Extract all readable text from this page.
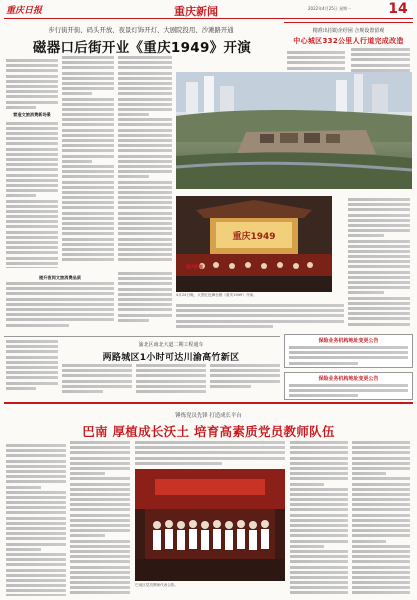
重庆日报	重庆新闻	2022年4月25日 星期一	14
步行街开街、码头开放、夜景灯饰开灯、大剧院投用、沙滩路开通
磁器口后街开业《重庆1949》开演
精准出招助企纾困 合规设置留观
中心城区332公里人行道完成改造
营造文旅消费新场景
重庆1949
4月24日晚，大型红色舞台剧《重庆1949》开演。
重庆新闻
提升夜间文旅消费品质
保险业务机构地址变更公告
保险业务机构地址变更公告
渝北区南北大道二期工程通车
两路城区1小时可达川渝高竹新区
锤炼党员先锋 打造成长平台
巴南 厚植成长沃土 培育高素质党员教师队伍
巴南区党员教师代表合影。
